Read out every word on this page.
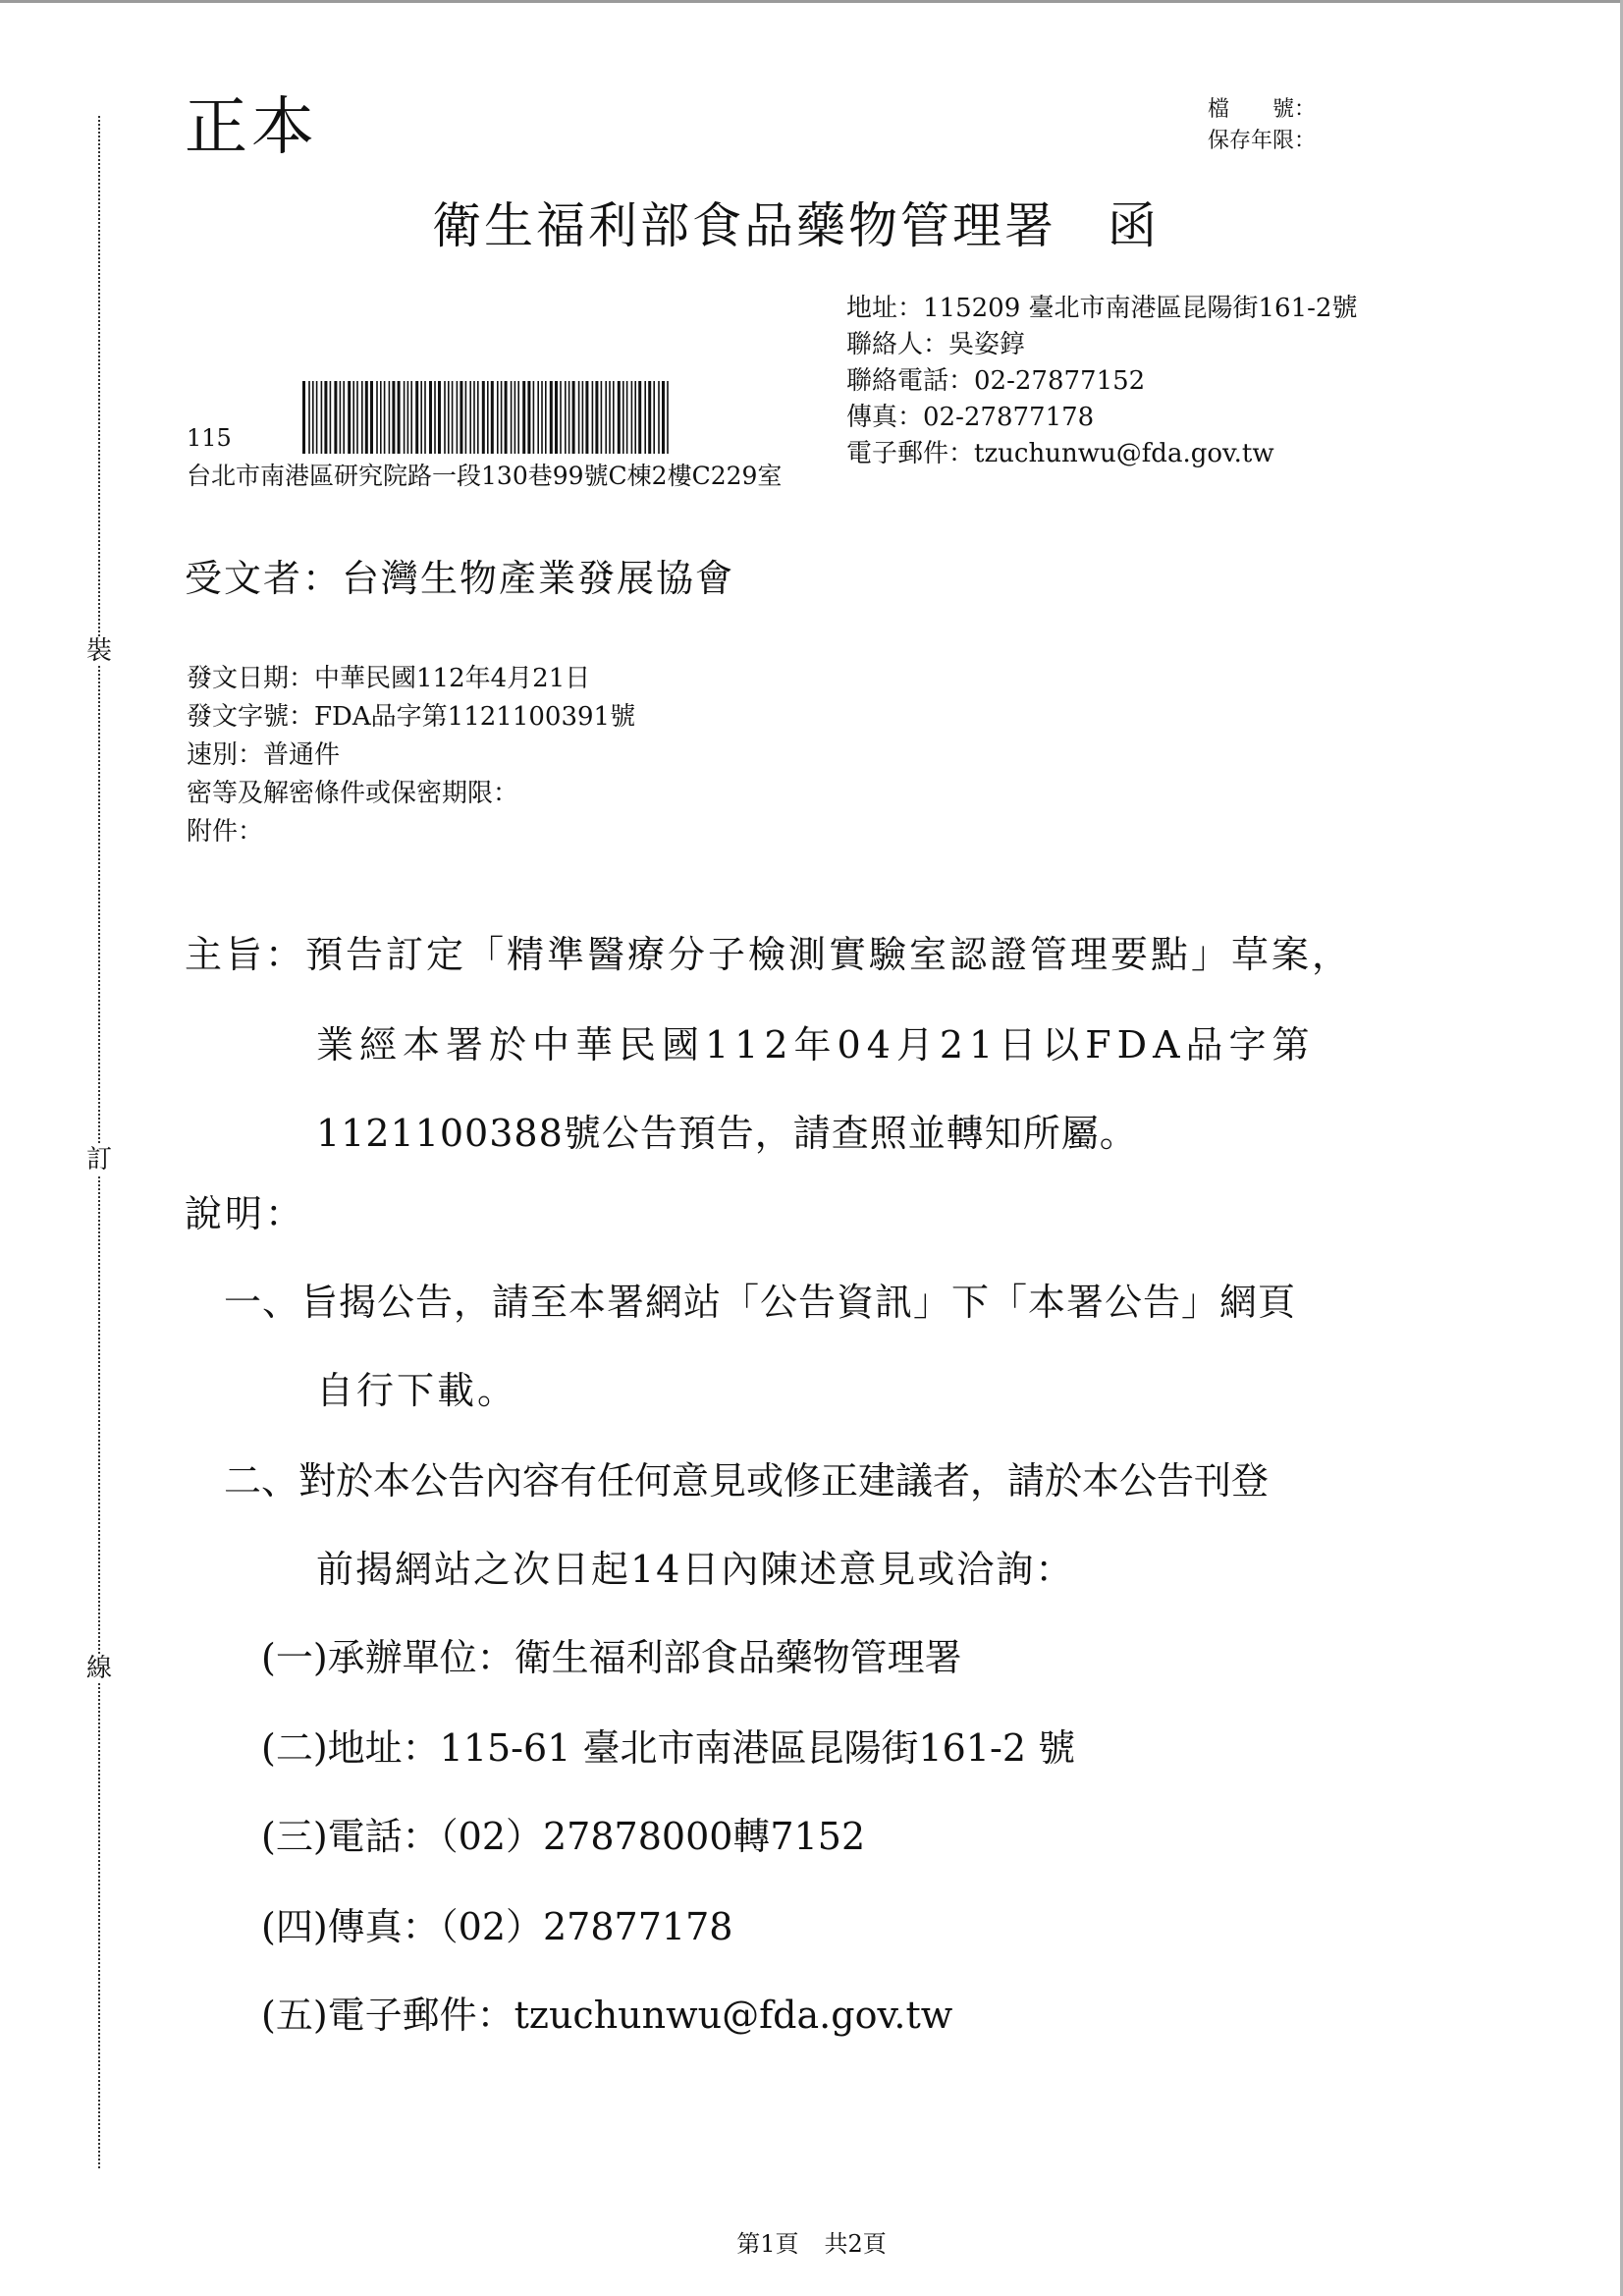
裝
訂
線
正本	檔　　號：
保存年限：
衛生福利部食品藥物管理署 函
地址：115209 臺北市南港區昆陽街161-2號
聯絡人：吳姿錞
聯絡電話：02-27877152
傳真：02-27877178
電子郵件：tzuchunwu@fda.gov.tw
115
台北市南港區研究院路一段130巷99號C棟2樓C229室
受文者：台灣生物產業發展協會
發文日期：中華民國112年4月21日
發文字號：FDA品字第1121100391號
速別：普通件
密等及解密條件或保密期限：
附件：
主旨：預告訂定「精準醫療分子檢測實驗室認證管理要點」草案，
業經本署於中華民國112年04月21日以FDA品字第
1121100388號公告預告，請查照並轉知所屬。
說明：
一、旨揭公告，請至本署網站「公告資訊」下「本署公告」網頁
自行下載。
二、對於本公告內容有任何意見或修正建議者，請於本公告刊登
前揭網站之次日起14日內陳述意見或洽詢：
(一)承辦單位：衛生福利部食品藥物管理署
(二)地址：115-61 臺北市南港區昆陽街161-2 號
(三)電話：（02）27878000轉7152
(四)傳真：（02）27877178
(五)電子郵件：tzuchunwu@fda.gov.tw
第1頁 共2頁
